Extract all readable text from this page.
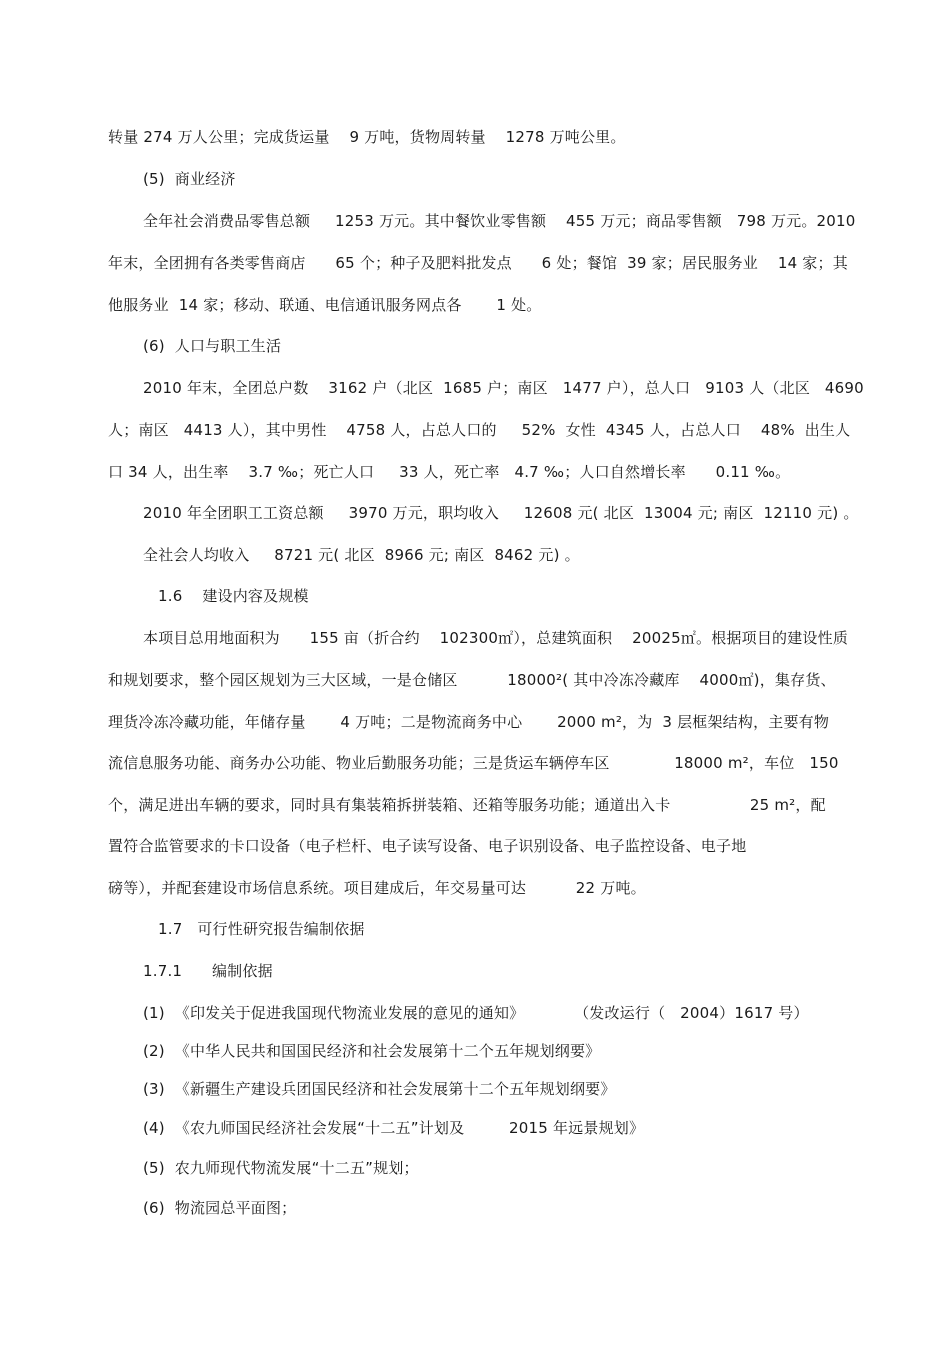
转量 274 万人公里；完成货运量    9 万吨，货物周转量    1278 万吨公里。
(5)  商业经济
全年社会消费品零售总额     1253 万元。其中餐饮业零售额    455 万元；商品零售额   798 万元。2010
年末，全团拥有各类零售商店      65 个；种子及肥料批发点      6 处；餐馆  39 家；居民服务业    14 家；其
他服务业  14 家；移动、联通、电信通讯服务网点各       1 处。
(6)  人口与职工生活
2010 年末，全团总户数    3162 户（北区  1685 户；南区   1477 户），总人口   9103 人（北区   4690
人；南区   4413 人），其中男性    4758 人，占总人口的     52%  女性  4345 人，占总人口    48%  出生人
口 34 人，出生率    3.7 ‰；死亡人口     33 人，死亡率   4.7 ‰；人口自然增长率      0.11 ‰。
2010 年全团职工工资总额     3970 万元，职均收入     12608 元( 北区  13004 元; 南区  12110 元) 。
全社会人均收入     8721 元( 北区  8966 元; 南区  8462 元) 。
1.6    建设内容及规模
本项目总用地面积为      155 亩（折合约    102300㎡），总建筑面积    20025㎡。根据项目的建设性质
和规划要求，整个园区规划为三大区域，一是仓储区          18000²( 其中冷冻冷藏库    4000㎡)，集存货、
理货冷冻冷藏功能，年储存量       4 万吨；二是物流商务中心       2000 m²，为  3 层框架结构，主要有物
流信息服务功能、商务办公功能、物业后勤服务功能；三是货运车辆停车区             18000 m²，车位   150
个，满足进出车辆的要求，同时具有集装箱拆拼装箱、还箱等服务功能；通道出入卡                25 m²，配
置符合监管要求的卡口设备（电子栏杆、电子读写设备、电子识别设备、电子监控设备、电子地
磅等），并配套建设市场信息系统。项目建成后，年交易量可达          22 万吨。
1.7   可行性研究报告编制依据
1.7.1      编制依据
(1)  《印发关于促进我国现代物流业发展的意见的通知》          （发改运行（   2004）1617 号）
(2)  《中华人民共和国国民经济和社会发展第十二个五年规划纲要》
(3)  《新疆生产建设兵团国民经济和社会发展第十二个五年规划纲要》
(4)  《农九师国民经济社会发展“十二五”计划及         2015 年远景规划》
(5)  农九师现代物流发展“十二五”规划；
(6)  物流园总平面图；
